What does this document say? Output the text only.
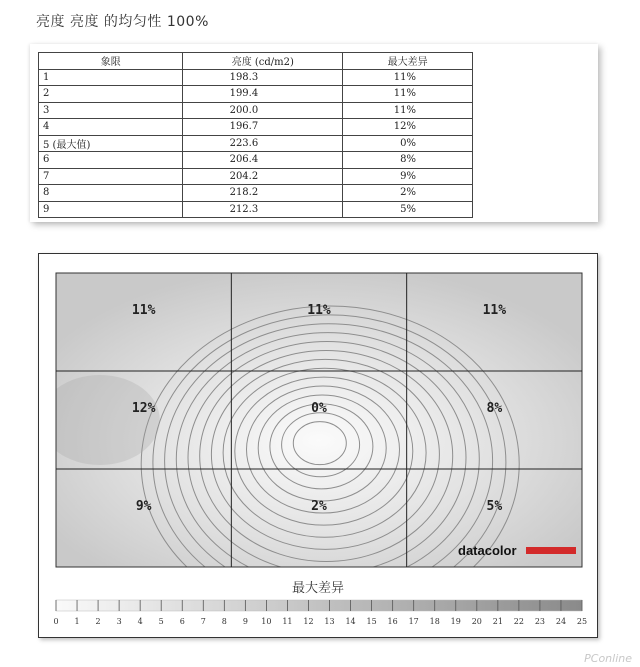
亮度 亮度 的均匀性 100%
象限	亮度 (cd/m2)	最大差异
1	198.3	11%
2	199.4	11%
3	200.0	11%
4	196.7	12%
5 (最大值)	223.6	0%
6	206.4	8%
7	204.2	9%
8	218.2	2%
9	212.3	5%
11%	11%	11%
12%	0%	8%
9%	2%	5%
datacolor
0 1 2 3 4 5 6 7 8 9 10 11 12 13 14 15 16 17 18 19 20 21 22 23 24 25
最大差异
PConline
